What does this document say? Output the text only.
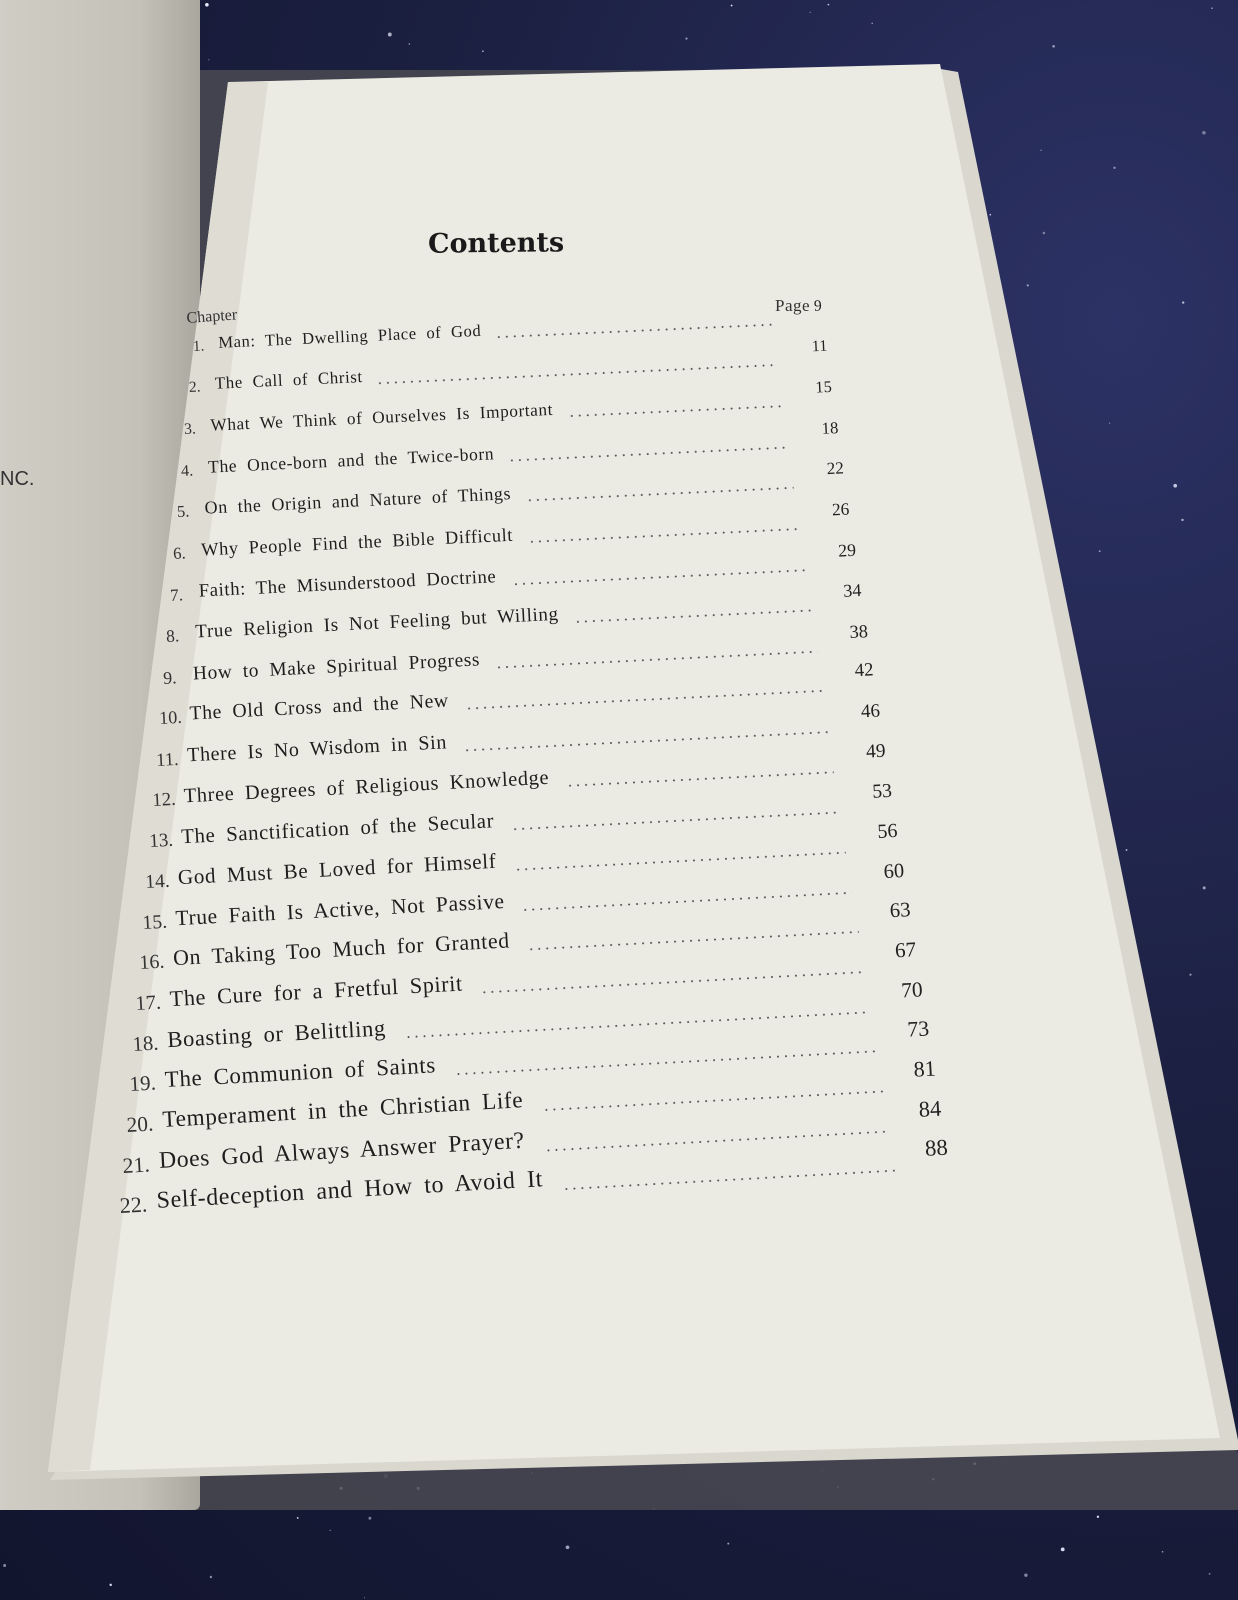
NC.
Contents
Chapter
Page
1. Man: The Dwelling Place of God
9
2. The Call of Christ
11
3. What We Think of Ourselves Is Important
15
4. The Once-born and the Twice-born
18
5. On the Origin and Nature of Things
22
6. Why People Find the Bible Difficult
26
7. Faith: The Misunderstood Doctrine
29
8. True Religion Is Not Feeling but Willing
34
9. How to Make Spiritual Progress
38
10. The Old Cross and the New
42
11. There Is No Wisdom in Sin
46
12. Three Degrees of Religious Knowledge
49
13. The Sanctification of the Secular
53
14. God Must Be Loved for Himself
56
15. True Faith Is Active, Not Passive
60
16. On Taking Too Much for Granted
63
17. The Cure for a Fretful Spirit
67
18. Boasting or Belittling
70
19. The Communion of Saints
73
20. Temperament in the Christian Life
81
21. Does God Always Answer Prayer?
84
22. Self-deception and How to Avoid It
88
